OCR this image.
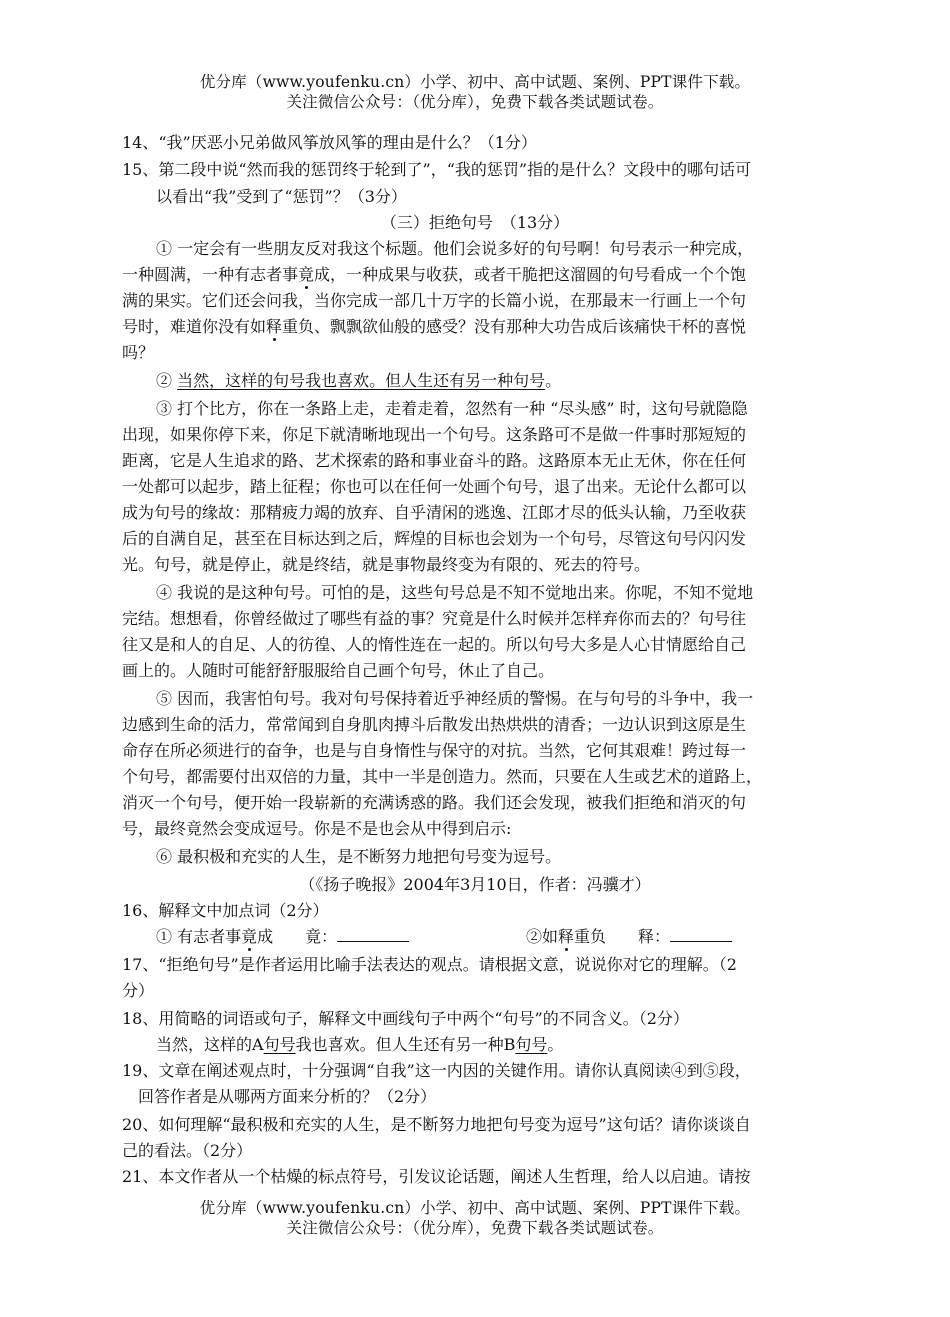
优分库（www.youfenku.cn）小学、初中、高中试题、案例、PPT课件下载。
关注微信公众号：（优分库），免费下载各类试题试卷。
14、“我”厌恶小兄弟做风筝放风筝的理由是什么？（1分）
15、第二段中说“然而我的惩罚终于轮到了”，“我的惩罚”指的是什么？文段中的哪句话可
以看出“我”受到了“惩罚”？（3分）
（三）拒绝句号　（13分）
① 一定会有一些朋友反对我这个标题。他们会说多好的句号啊！句号表示一种完成，
一种圆满，一种有志者事竟成，一种成果与收获，或者干脆把这溜圆的句号看成一个个饱
满的果实。它们还会问我，当你完成一部几十万字的长篇小说，在那最末一行画上一个句
号时，难道你没有如释重负、飘飘欲仙般的感受？没有那种大功告成后该痛快干杯的喜悦
吗？
② 当然，这样的句号我也喜欢。但人生还有另一种句号。
③ 打个比方，你在一条路上走，走着走着，忽然有一种 “尽头感” 时，这句号就隐隐
出现，如果你停下来，你足下就清晰地现出一个句号。这条路可不是做一件事时那短短的
距离，它是人生追求的路、艺术探索的路和事业奋斗的路。这路原本无止无休，你在任何
一处都可以起步，踏上征程；你也可以在任何一处画个句号，退了出来。无论什么都可以
成为句号的缘故：那精疲力竭的放弃、自乎清闲的逃逸、江郎才尽的低头认输，乃至收获
后的自满自足，甚至在目标达到之后，辉煌的目标也会划为一个句号，尽管这句号闪闪发
光。句号，就是停止，就是终结，就是事物最终变为有限的、死去的符号。
④ 我说的是这种句号。可怕的是，这些句号总是不知不觉地出来。你呢，不知不觉地
完结。想想看，你曾经做过了哪些有益的事？究竟是什么时候并怎样弃你而去的？句号往
往又是和人的自足、人的彷徨、人的惰性连在一起的。所以句号大多是人心甘情愿给自己
画上的。人随时可能舒舒服服给自己画个句号，休止了自己。
⑤ 因而，我害怕句号。我对句号保持着近乎神经质的警惕。在与句号的斗争中，我一
边感到生命的活力，常常闻到自身肌肉搏斗后散发出热烘烘的清香；一边认识到这原是生
命存在所必须进行的奋争，也是与自身惰性与保守的对抗。当然，它何其艰难！跨过每一
个句号，都需要付出双倍的力量，其中一半是创造力。然而，只要在人生或艺术的道路上，
消灭一个句号，便开始一段崭新的充满诱惑的路。我们还会发现，被我们拒绝和消灭的句
号，最终竟然会变成逗号。你是不是也会从中得到启示:
⑥ 最积极和充实的人生，是不断努力地把句号变为逗号。
（《扬子晚报》2004年3月10日，作者：冯骥才）
16、解释文中加点词（2分）
① 有志者事竟成　　竟：	②如释重负　　释：
17、“拒绝句号”是作者运用比喻手法表达的观点。请根据文意，说说你对它的理解。（2
分）
18、用简略的词语或句子，解释文中画线句子中两个“句号”的不同含义。（2分）
当然，这样的A句号我也喜欢。但人生还有另一种B句号。
19、文章在阐述观点时，十分强调“自我”这一内因的关键作用。请你认真阅读④到⑤段，
回答作者是从哪两方面来分析的？（2分）
20、如何理解“最积极和充实的人生，是不断努力地把句号变为逗号”这句话？请你谈谈自
己的看法。（2分）
21、本文作者从一个枯燥的标点符号，引发议论话题，阐述人生哲理，给人以启迪。请按
优分库（www.youfenku.cn）小学、初中、高中试题、案例、PPT课件下载。
关注微信公众号：（优分库），免费下载各类试题试卷。
